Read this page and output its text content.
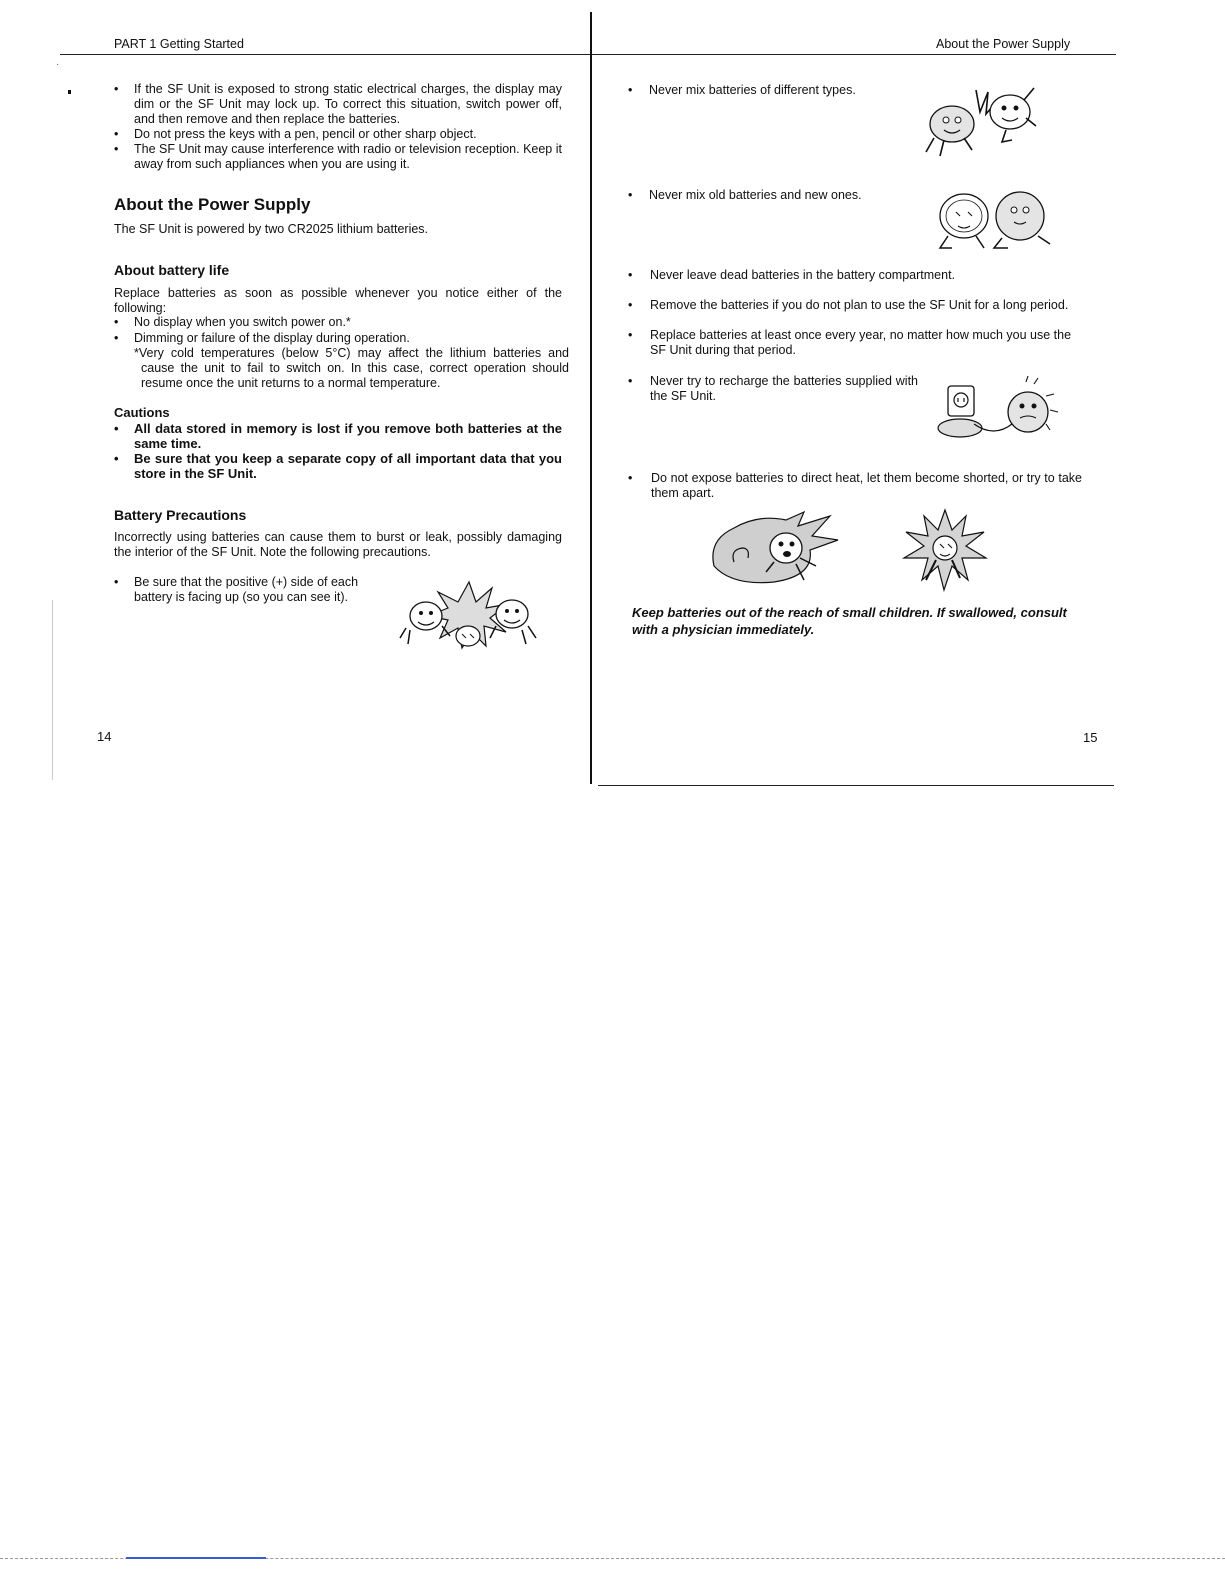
PART 1 Getting Started
·
• If the SF Unit is exposed to strong static electrical charges, the display may dim or the SF Unit may lock up. To correct this situation, switch power off, and then remove and then replace the batteries.
• Do not press the keys with a pen, pencil or other sharp object.
• The SF Unit may cause interference with radio or television reception. Keep it away from such appliances when you are using it.
About the Power Supply
The SF Unit is powered by two CR2025 lithium batteries.
About battery life
Replace batteries as soon as possible whenever you notice either of the following:
• No display when you switch power on.*
• Dimming or failure of the display during operation.
*Very cold temperatures (below 5°C) may affect the lithium batteries and cause the unit to fail to switch on. In this case, correct operation should resume once the unit returns to a normal temperature.
Cautions
• All data stored in memory is lost if you remove both batteries at the same time.
• Be sure that you keep a separate copy of all important data that you store in the SF Unit.
Battery Precautions
Incorrectly using batteries can cause them to burst or leak, possibly damaging the interior of the SF Unit. Note the following precautions.
• Be sure that the positive (+) side of each battery is facing up (so you can see it).
14
About the Power Supply
• Never mix batteries of different types.
• Never mix old batteries and new ones.
• Never leave dead batteries in the battery compartment.
• Remove the batteries if you do not plan to use the SF Unit for a long period.
• Replace batteries at least once every year, no matter how much you use the SF Unit during that period.
• Never try to recharge the batteries supplied with the SF Unit.
• Do not expose batteries to direct heat, let them become shorted, or try to take them apart.
Keep batteries out of the reach of small children. If swallowed, consult with a physician immediately.
15
